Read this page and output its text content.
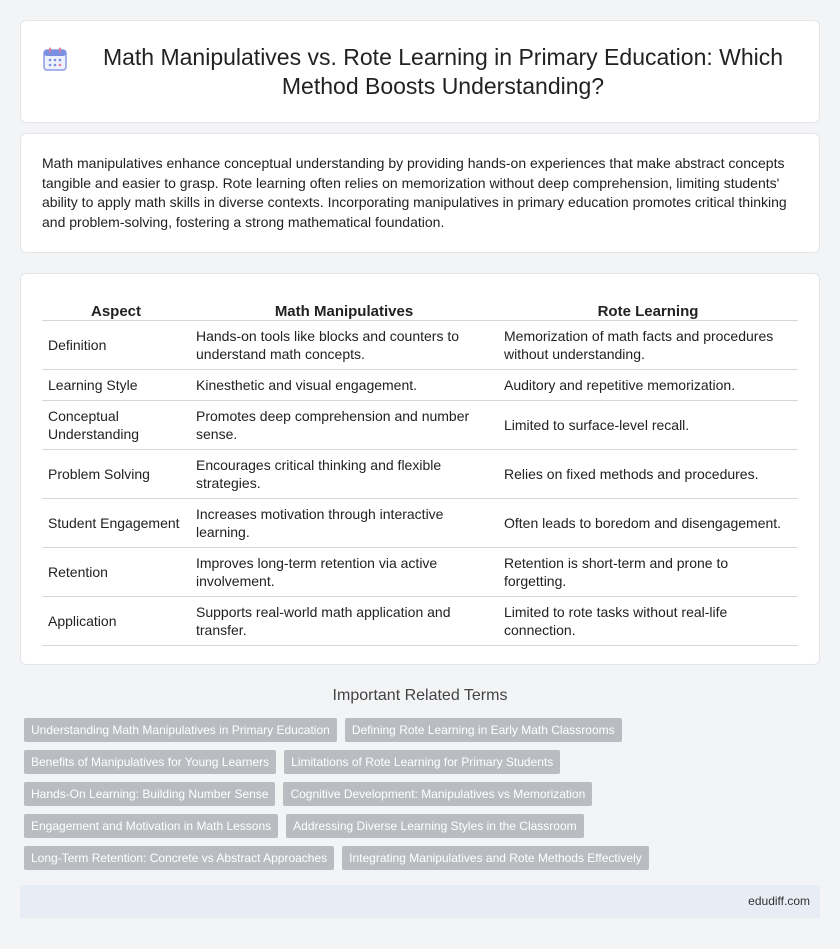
Math Manipulatives vs. Rote Learning in Primary Education: Which Method Boosts Understanding?

Math manipulatives enhance conceptual understanding by providing hands-on experiences that make abstract concepts tangible and easier to grasp. Rote learning often relies on memorization without deep comprehension, limiting students' ability to apply math skills in diverse contexts. Incorporating manipulatives in primary education promotes critical thinking and problem-solving, fostering a strong mathematical foundation.

Aspect	Math Manipulatives	Rote Learning
Definition	Hands-on tools like blocks and counters to understand math concepts.	Memorization of math facts and procedures without understanding.
Learning Style	Kinesthetic and visual engagement.	Auditory and repetitive memorization.
Conceptual Understanding	Promotes deep comprehension and number sense.	Limited to surface-level recall.
Problem Solving	Encourages critical thinking and flexible strategies.	Relies on fixed methods and procedures.
Student Engagement	Increases motivation through interactive learning.	Often leads to boredom and disengagement.
Retention	Improves long-term retention via active involvement.	Retention is short-term and prone to forgetting.
Application	Supports real-world math application and transfer.	Limited to rote tasks without real-life connection.
Important Related Terms
Understanding Math Manipulatives in Primary Education	Defining Rote Learning in Early Math Classrooms
Benefits of Manipulatives for Young Learners	Limitations of Rote Learning for Primary Students
Hands-On Learning: Building Number Sense	Cognitive Development: Manipulatives vs Memorization
Engagement and Motivation in Math Lessons	Addressing Diverse Learning Styles in the Classroom
Long-Term Retention: Concrete vs Abstract Approaches	Integrating Manipulatives and Rote Methods Effectively
edudiff.com
